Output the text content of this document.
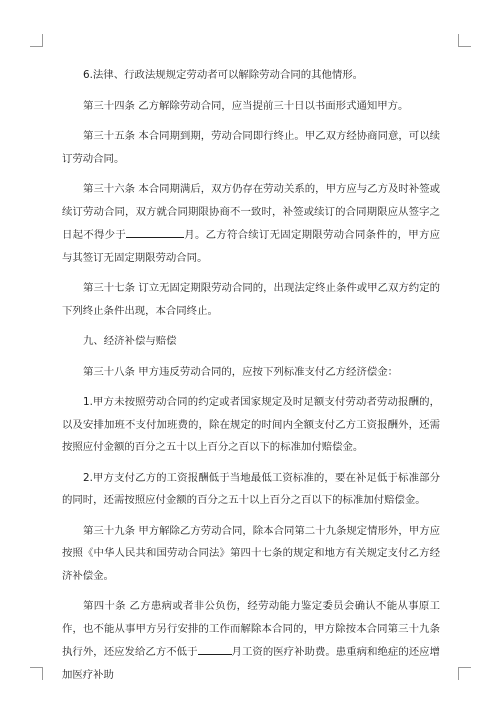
6.法律、行政法规规定劳动者可以解除劳动合同的其他情形。

第三十四条 乙方解除劳动合同，应当提前三十日以书面形式通知甲方。

第三十五条 本合同期到期，劳动合同即行终止。甲乙双方经协商同意，可以续订劳动合同。

第三十六条 本合同期满后，双方仍存在劳动关系的，甲方应与乙方及时补签或续订劳动合同，双方就合同期限协商不一致时，补签或续订的合同期限应从签字之日起不得少于	月。乙方符合续订无固定期限劳动合同条件的，甲方应与其签订无固定期限劳动合同。

第三十七条 订立无固定期限劳动合同的，出现法定终止条件或甲乙双方约定的下列终止条件出现，本合同终止。

九、经济补偿与赔偿

第三十八条 甲方违反劳动合同的，应按下列标准支付乙方经济偿金：

1.甲方未按照劳动合同的约定或者国家规定及时足额支付劳动者劳动报酬的，以及安排加班不支付加班费的，除在规定的时间内全额支付乙方工资报酬外，还需按照应付金额的百分之五十以上百分之百以下的标准加付赔偿金。

2.甲方支付乙方的工资报酬低于当地最低工资标准的，要在补足低于标准部分的同时，还需按照应付金额的百分之五十以上百分之百以下的标准加付赔偿金。

第三十九条 甲方解除乙方劳动合同，除本合同第二十九条规定情形外，甲方应按照《中华人民共和国劳动合同法》第四十七条的规定和地方有关规定支付乙方经济补偿金。

第四十条 乙方患病或者非公负伤，经劳动能力鉴定委员会确认不能从事原工作，也不能从事甲方另行安排的工作而解除本合同的，甲方除按本合同第三十九条执行外，还应发给乙方不低于	月工资的医疗补助费。患重病和绝症的还应增加医疗补助
